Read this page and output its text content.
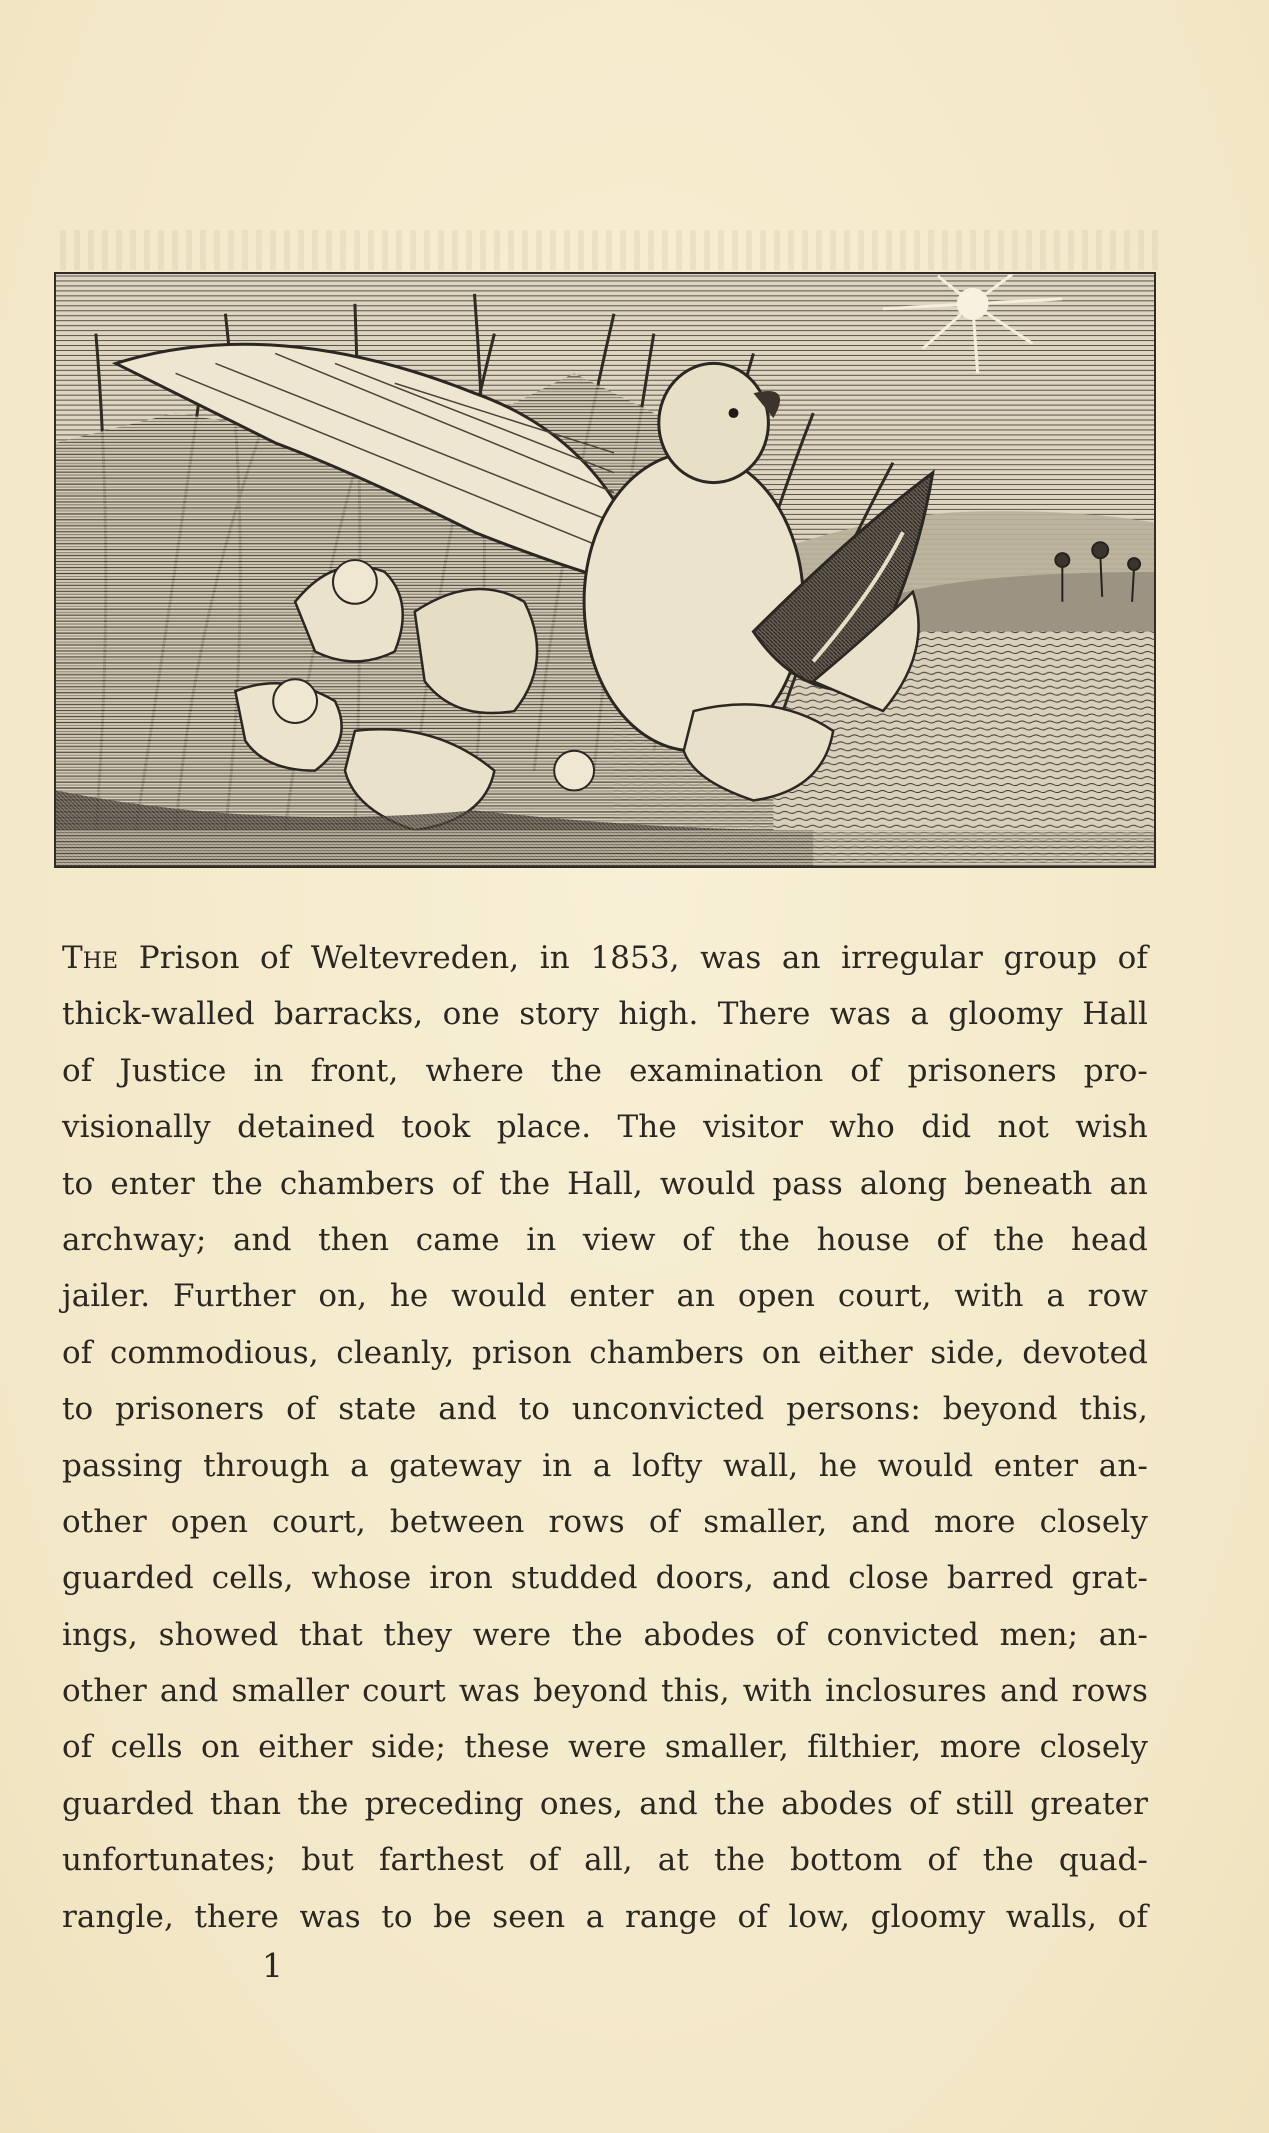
The Prison of Weltevreden, in 1853, was an irregular group of
thick-walled barracks, one story high. There was a gloomy Hall
of Justice in front, where the examination of prisoners pro-
visionally detained took place. The visitor who did not wish
to enter the chambers of the Hall, would pass along beneath an
archway; and then came in view of the house of the head
jailer. Further on, he would enter an open court, with a row
of commodious, cleanly, prison chambers on either side, devoted
to prisoners of state and to unconvicted persons: beyond this,
passing through a gateway in a lofty wall, he would enter an-
other open court, between rows of smaller, and more closely
guarded cells, whose iron studded doors, and close barred grat-
ings, showed that they were the abodes of convicted men; an-
other and smaller court was beyond this, with inclosures and rows
of cells on either side; these were smaller, filthier, more closely
guarded than the preceding ones, and the abodes of still greater
unfortunates; but farthest of all, at the bottom of the quad-
rangle, there was to be seen a range of low, gloomy walls, of
1
